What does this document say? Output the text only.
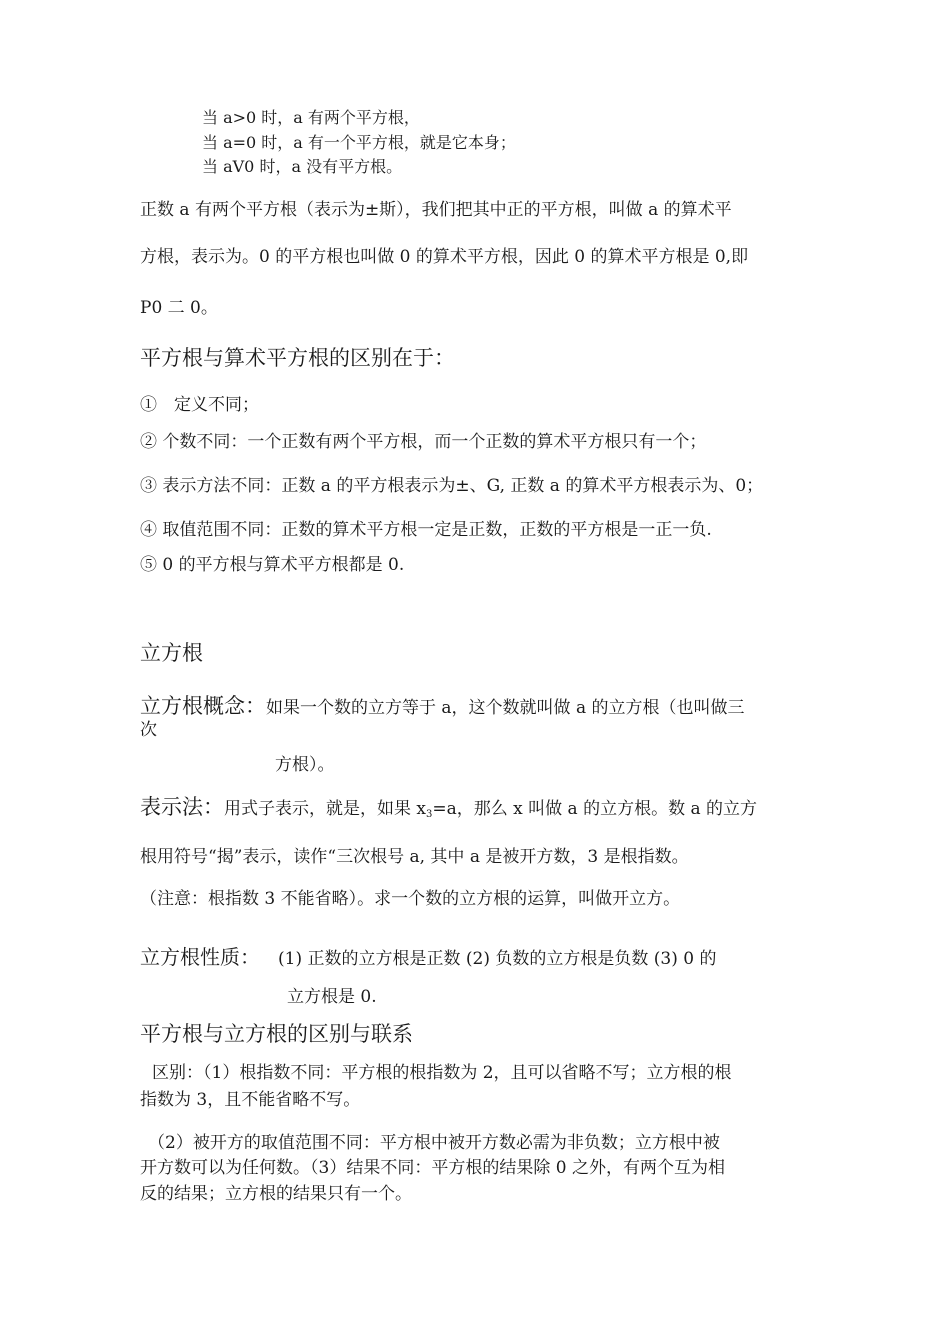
当 a>0 时，a 有两个平方根，
当 a=0 时，a 有一个平方根，就是它本身；
当 aV0 时，a 没有平方根。
正数 a 有两个平方根（表示为±斯），我们把其中正的平方根，叫做 a 的算术平
方根，表示为。0 的平方根也叫做 0 的算术平方根，因此 0 的算术平方根是 0,即
P0 二 0。
平方根与算术平方根的区别在于：
①　定义不同；
② 个数不同：一个正数有两个平方根，而一个正数的算术平方根只有一个；
③ 表示方法不同：正数 a 的平方根表示为±、G, 正数 a 的算术平方根表示为、0；
④ 取值范围不同：正数的算术平方根一定是正数，正数的平方根是一正一负.
⑤ 0 的平方根与算术平方根都是 0.
立方根
立方根概念：如果一个数的立方等于 a，这个数就叫做 a 的立方根（也叫做三
次
方根）。
表示法：用式子表示，就是，如果 $x_3=a$，那么 x 叫做 a 的立方根。数 a 的立方
根用符号“揭”表示，读作“三次根号 a, 其中 a 是被开方数，3 是根指数。
（注意：根指数 3 不能省略）。求一个数的立方根的运算，叫做开立方。
立方根性质： (1) 正数的立方根是正数 (2) 负数的立方根是负数 (3) 0 的
立方根是 0.
平方根与立方根的区别与联系
区别：（1）根指数不同：平方根的根指数为 2，且可以省略不写；立方根的根
指数为 3，且不能省略不写。
（2）被开方的取值范围不同：平方根中被开方数必需为非负数；立方根中被
开方数可以为任何数。（3）结果不同：平方根的结果除 0 之外，有两个互为相
反的结果；立方根的结果只有一个。
